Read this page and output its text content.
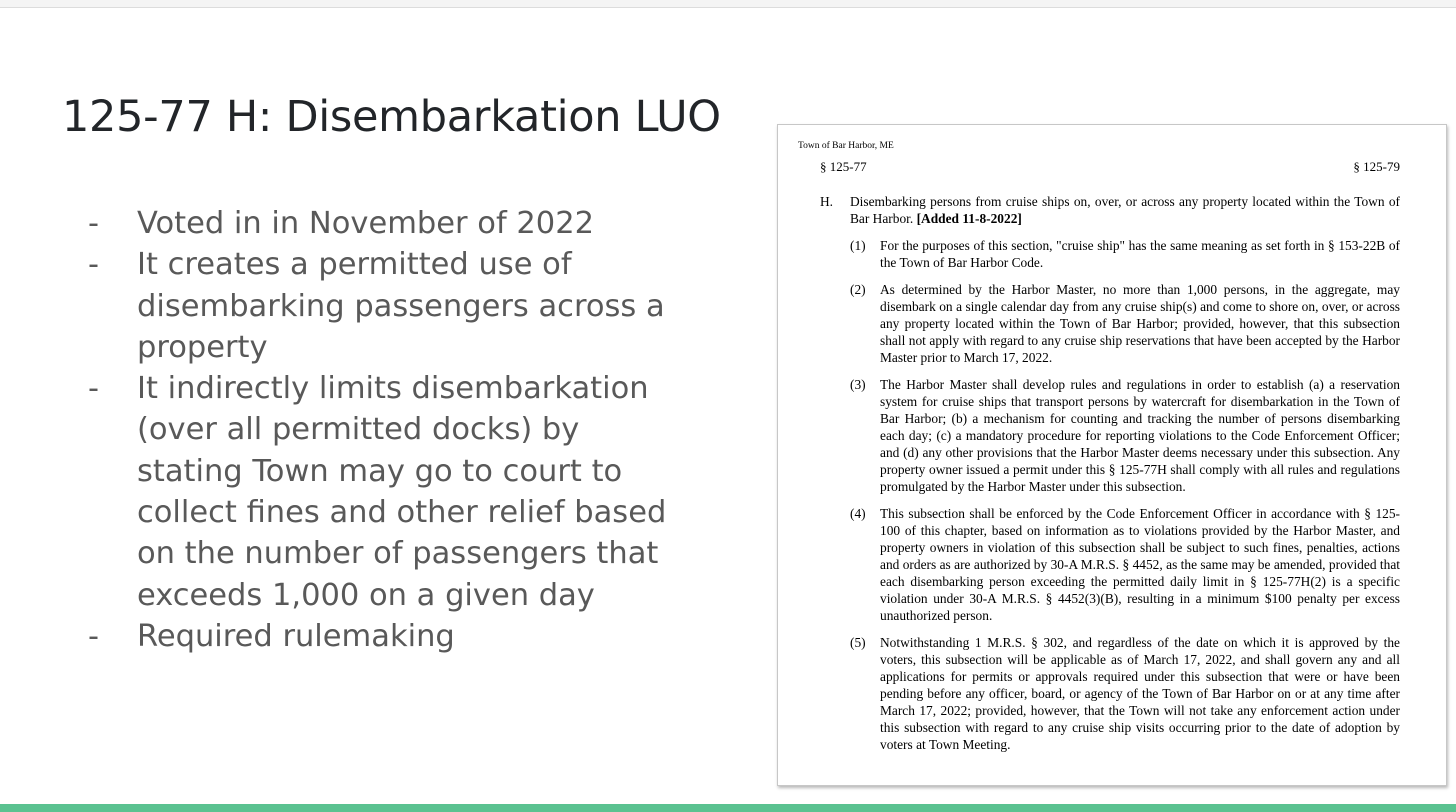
125-77 H: Disembarkation LUO
- Voted in in November of 2022
- It creates a permitted use of disembarking passengers across a property
- It indirectly limits disembarkation (over all permitted docks) by stating Town may go to court to collect fines and other relief based on the number of passengers that exceeds 1,000 on a given day
- Required rulemaking
Town of Bar Harbor, ME
§ 125-77	§ 125-79
H. Disembarking persons from cruise ships on, over, or across any property located within the Town of Bar Harbor. [Added 11-8-2022]
(1) For the purposes of this section, "cruise ship" has the same meaning as set forth in § 153-22B of the Town of Bar Harbor Code.
(2) As determined by the Harbor Master, no more than 1,000 persons, in the aggregate, may disembark on a single calendar day from any cruise ship(s) and come to shore on, over, or across any property located within the Town of Bar Harbor; provided, however, that this subsection shall not apply with regard to any cruise ship reservations that have been accepted by the Harbor Master prior to March 17, 2022.
(3) The Harbor Master shall develop rules and regulations in order to establish (a) a reservation system for cruise ships that transport persons by watercraft for disembarkation in the Town of Bar Harbor; (b) a mechanism for counting and tracking the number of persons disembarking each day; (c) a mandatory procedure for reporting violations to the Code Enforcement Officer; and (d) any other provisions that the Harbor Master deems necessary under this subsection. Any property owner issued a permit under this § 125-77H shall comply with all rules and regulations promulgated by the Harbor Master under this subsection.
(4) This subsection shall be enforced by the Code Enforcement Officer in accordance with § 125-100 of this chapter, based on information as to violations provided by the Harbor Master, and property owners in violation of this subsection shall be subject to such fines, penalties, actions and orders as are authorized by 30-A M.R.S. § 4452, as the same may be amended, provided that each disembarking person exceeding the permitted daily limit in § 125-77H(2) is a specific violation under 30-A M.R.S. § 4452(3)(B), resulting in a minimum $100 penalty per excess unauthorized person.
(5) Notwithstanding 1 M.R.S. § 302, and regardless of the date on which it is approved by the voters, this subsection will be applicable as of March 17, 2022, and shall govern any and all applications for permits or approvals required under this subsection that were or have been pending before any officer, board, or agency of the Town of Bar Harbor on or at any time after March 17, 2022; provided, however, that the Town will not take any enforcement action under this subsection with regard to any cruise ship visits occurring prior to the date of adoption by voters at Town Meeting.
